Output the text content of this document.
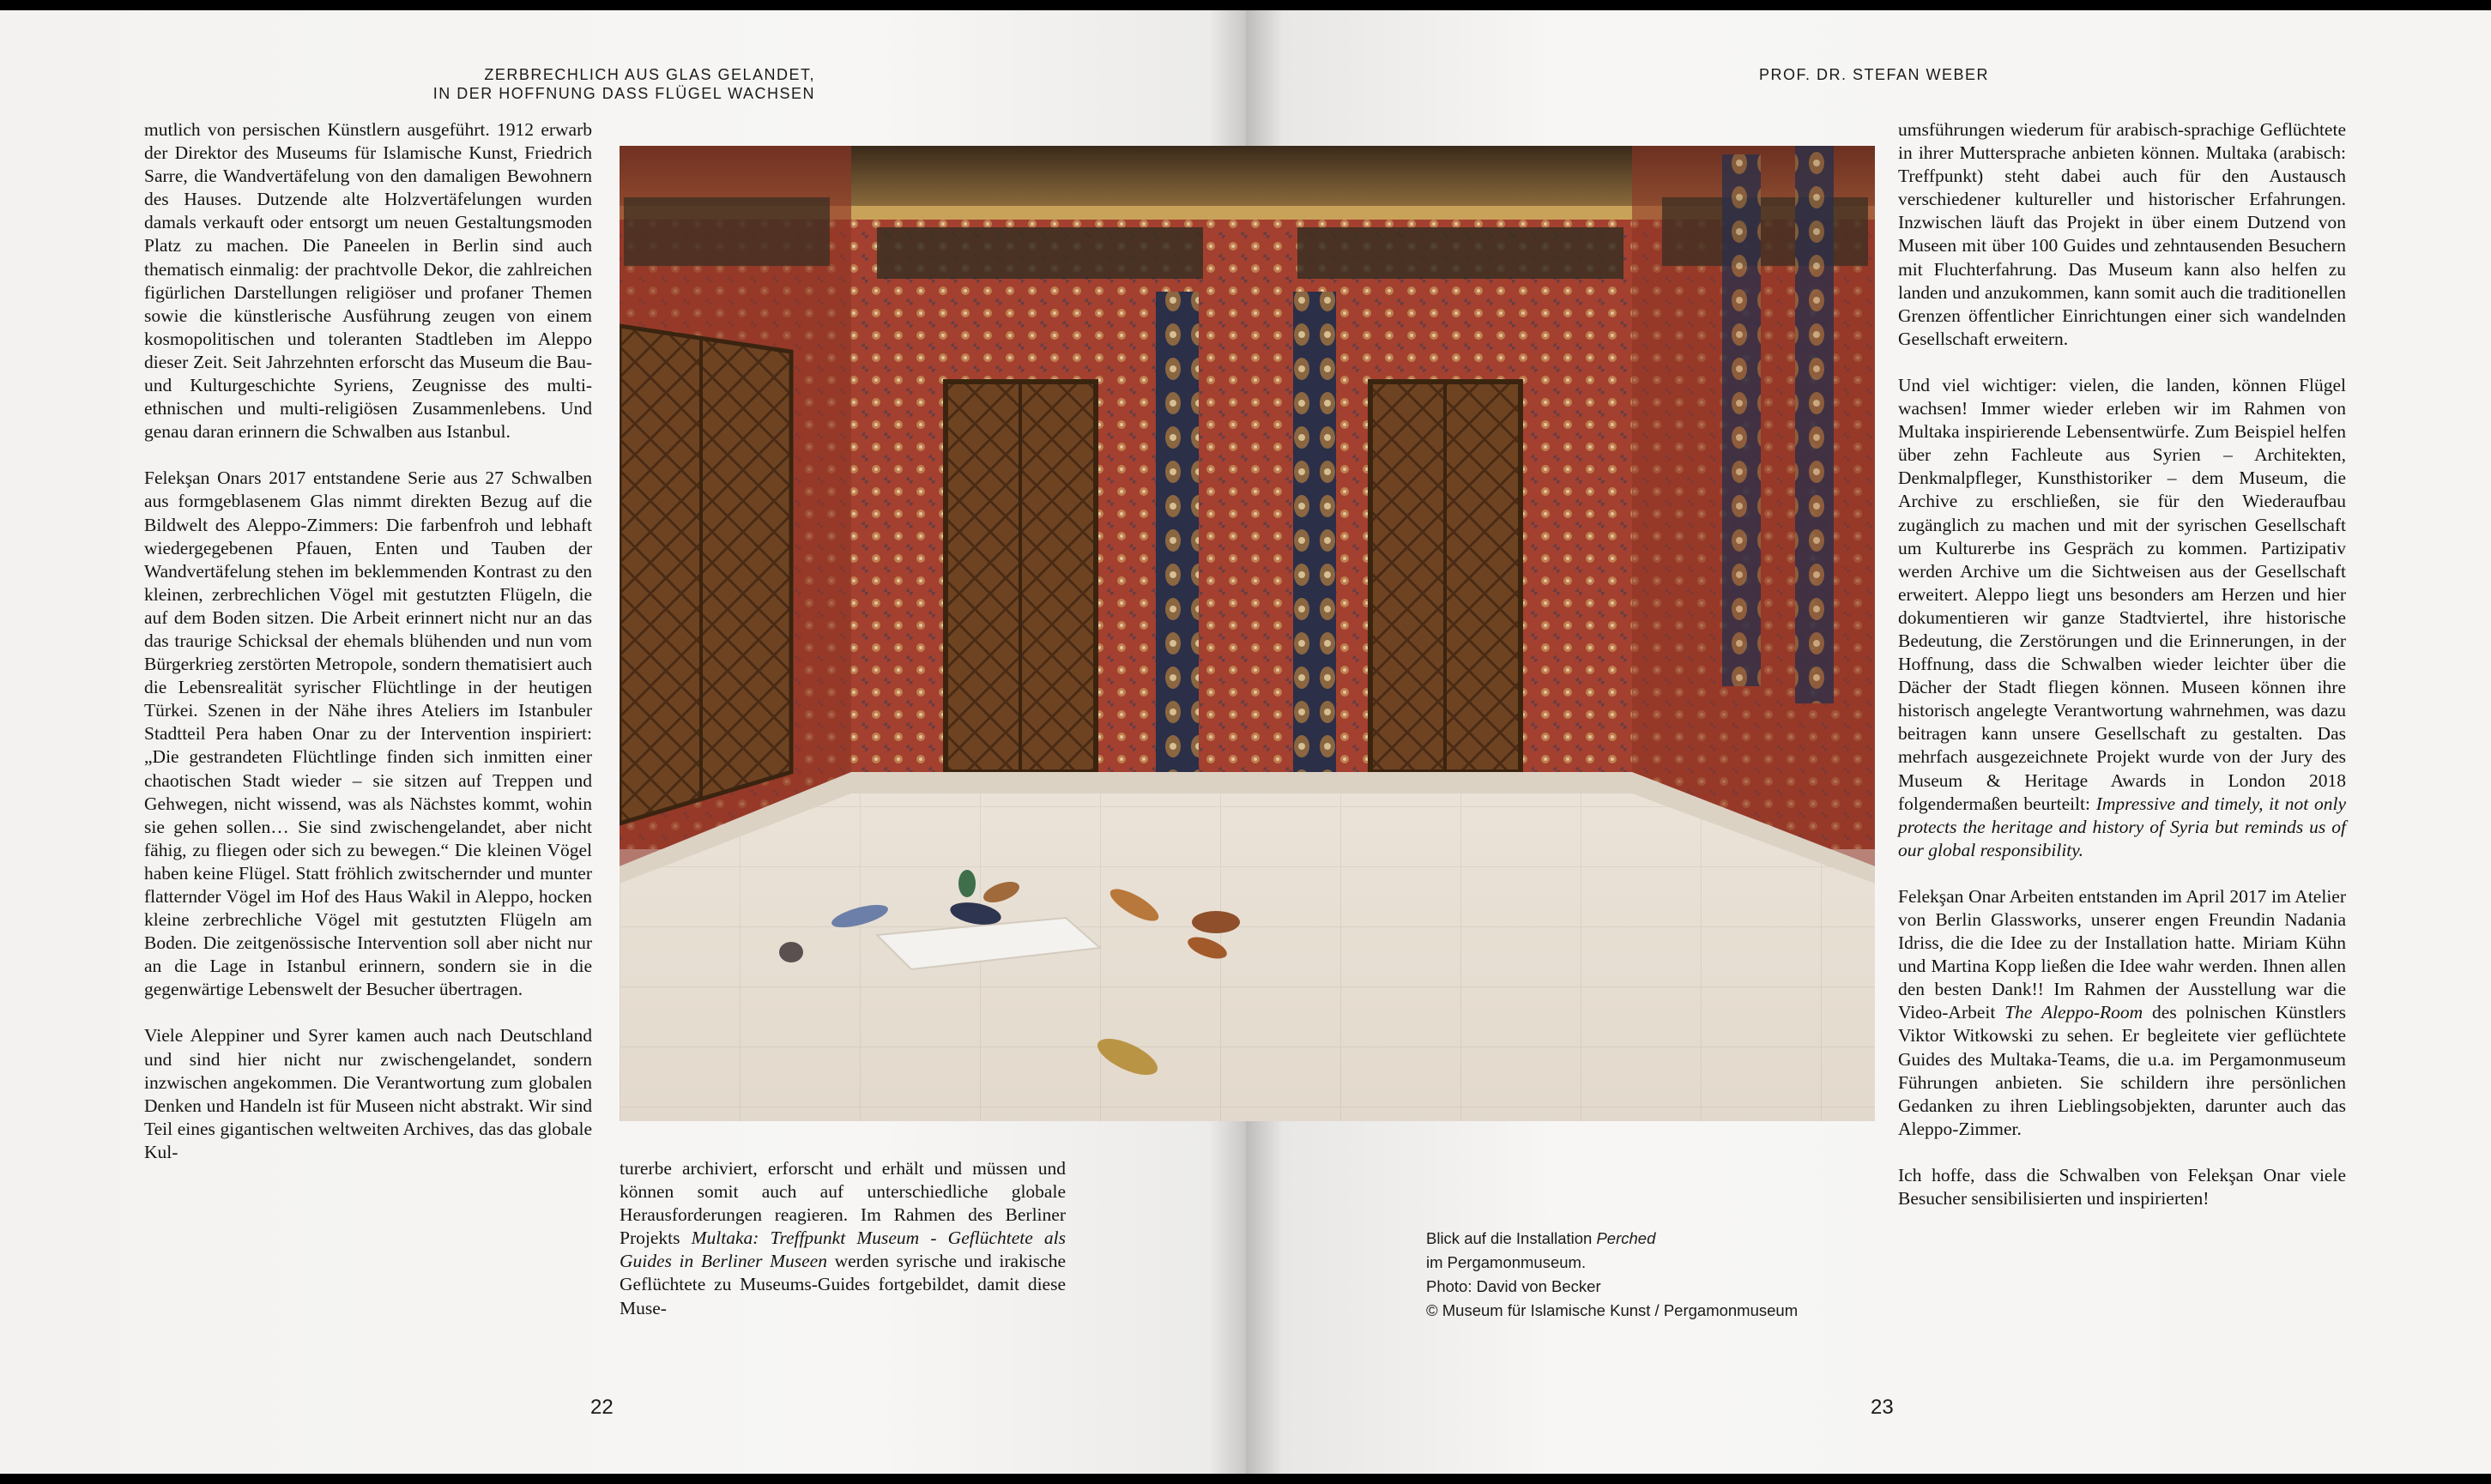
ZERBRECHLICH AUS GLAS GELANDET,
IN DER HOFFNUNG DASS FLÜGEL WACHSEN

mutlich von persischen Künstlern ausgeführt. 1912 erwarb der Direktor des Museums für Islamische Kunst, Friedrich Sarre, die Wandvertäfelung von den damaligen Bewohnern des Hauses. Dutzende alte Holzvertäfelungen wurden damals verkauft oder entsorgt um neuen Gestaltungsmoden Platz zu machen. Die Paneelen in Berlin sind auch thematisch einmalig: der prachtvolle Dekor, die zahlreichen figürlichen Darstellungen religiöser und profaner Themen sowie die künstlerische Ausführung zeugen von einem kosmopolitischen und toleranten Stadtleben im Aleppo dieser Zeit. Seit Jahrzehnten erforscht das Museum die Bau- und Kulturgeschichte Syriens, Zeugnisse des multi-ethnischen und multi-religiösen Zusammenlebens. Und genau daran erinnern die Schwalben aus Istanbul.

Felekşan Onars 2017 entstandene Serie aus 27 Schwalben aus formgeblasenem Glas nimmt direkten Bezug auf die Bildwelt des Aleppo-Zimmers: Die farbenfroh und lebhaft wiedergegebenen Pfauen, Enten und Tauben der Wandvertäfelung stehen im beklemmenden Kontrast zu den kleinen, zerbrechlichen Vögel mit gestutzten Flügeln, die auf dem Boden sitzen. Die Arbeit erinnert nicht nur an das das traurige Schicksal der ehemals blühenden und nun vom Bürgerkrieg zerstörten Metropole, sondern thematisiert auch die Lebensrealität syrischer Flüchtlinge in der heutigen Türkei. Szenen in der Nähe ihres Ateliers im Istanbuler Stadtteil Pera haben Onar zu der Intervention inspiriert: „Die gestrandeten Flüchtlinge finden sich inmitten einer chaotischen Stadt wieder – sie sitzen auf Treppen und Gehwegen, nicht wissend, was als Nächstes kommt, wohin sie gehen sollen… Sie sind zwischengelandet, aber nicht fähig, zu fliegen oder sich zu bewegen.“ Die kleinen Vögel haben keine Flügel. Statt fröhlich zwitschernder und munter flatternder Vögel im Hof des Haus Wakil in Aleppo, hocken kleine zerbrechliche Vögel mit gestutzten Flügeln am Boden. Die zeitgenössische Intervention soll aber nicht nur an die Lage in Istanbul erinnern, sondern sie in die gegenwärtige Lebenswelt der Besucher übertragen.

Viele Aleppiner und Syrer kamen auch nach Deutschland und sind hier nicht nur zwischengelandet, sondern inzwischen angekommen. Die Verantwortung zum globalen Denken und Handeln ist für Museen nicht abstrakt. Wir sind Teil eines gigantischen weltweiten Archives, das das globale Kul-

turerbe archiviert, erforscht und erhält und müssen und können somit auch auf unterschiedliche globale Herausforderungen reagieren. Im Rahmen des Berliner Projekts Multaka: Treffpunkt Museum - Geflüchtete als Guides in Berliner Museen werden syrische und irakische Geflüchtete zu Museums-Guides fortgebildet, damit diese Muse-

22
PROF. DR. STEFAN WEBER

umsführungen wiederum für arabisch-sprachige Geflüchtete in ihrer Muttersprache anbieten können. Multaka (arabisch: Treffpunkt) steht dabei auch für den Austausch verschiedener kultureller und historischer Erfahrungen. Inzwischen läuft das Projekt in über einem Dutzend von Museen mit über 100 Guides und zehntausenden Besuchern mit Fluchterfahrung. Das Museum kann also helfen zu landen und anzukommen, kann somit auch die traditionellen Grenzen öffentlicher Einrichtungen einer sich wandelnden Gesellschaft erweitern.

Und viel wichtiger: vielen, die landen, können Flügel wachsen! Immer wieder erleben wir im Rahmen von Multaka inspirierende Lebensentwürfe. Zum Beispiel helfen über zehn Fachleute aus Syrien – Architekten, Denkmalpfleger, Kunsthistoriker – dem Museum, die Archive zu erschließen, sie für den Wiederaufbau zugänglich zu machen und mit der syrischen Gesellschaft um Kulturerbe ins Gespräch zu kommen. Partizipativ werden Archive um die Sichtweisen aus der Gesellschaft erweitert. Aleppo liegt uns besonders am Herzen und hier dokumentieren wir ganze Stadtviertel, ihre historische Bedeutung, die Zerstörungen und die Erinnerungen, in der Hoffnung, dass die Schwalben wieder leichter über die Dächer der Stadt fliegen können. Museen können ihre historisch angelegte Verantwortung wahrnehmen, was dazu beitragen kann unsere Gesellschaft zu gestalten. Das mehrfach ausgezeichnete Projekt wurde von der Jury des Museum & Heritage Awards in London 2018 folgendermaßen beurteilt: Impressive and timely, it not only protects the heritage and history of Syria but reminds us of our global responsibility.

Felekşan Onar Arbeiten entstanden im April 2017 im Atelier von Berlin Glassworks, unserer engen Freundin Nadania Idriss, die die Idee zu der Installation hatte. Miriam Kühn und Martina Kopp ließen die Idee wahr werden. Ihnen allen den besten Dank!! Im Rahmen der Ausstellung war die Video-Arbeit The Aleppo-Room des polnischen Künstlers Viktor Witkowski zu sehen. Er begleitete vier geflüchtete Guides des Multaka-Teams, die u.a. im Pergamonmuseum Führungen anbieten. Sie schildern ihre persönlichen Gedanken zu ihren Lieblingsobjekten, darunter auch das Aleppo-Zimmer.

Ich hoffe, dass die Schwalben von Felekşan Onar viele Besucher sensibilisierten und inspirierten!

Blick auf die Installation Perched
im Pergamonmuseum.
Photo: David von Becker
© Museum für Islamische Kunst / Pergamonmuseum
23
